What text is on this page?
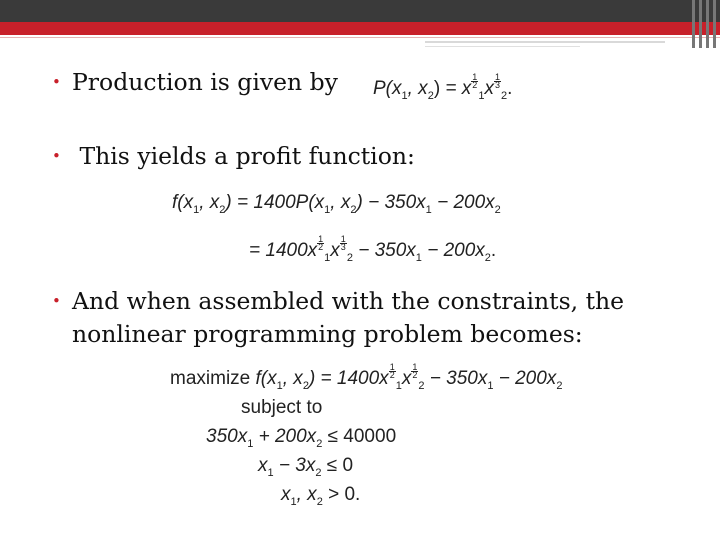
• Production is given by $P(x_1$, $x_2) = x \frac{1}{2}$
$_1x \frac{1}{3}$
$_2$.
• This yields a profit function:
$f(x_1$, $x_2) = 1400P(x_1$, $x_2) - 350x_1 - 200x_2$
= $1400x \frac{1}{2}$
$_1x \frac{1}{3}$
$_2 - 350x_1 - 200x_2$.
• And when assembled with the constraints, the
nonlinear programming problem becomes:
maximize $f(x_1$, $x_2) = 1400x \frac{1}{2}$
$_1x \frac{1}{2}$
$_2 - 350x_1 - 200x_2$
subject to
$350x_1 + 200x_2 \le 40000$
$x_1 - 3x_2 \le 0$
$x_1$, $x_2 > 0$.
